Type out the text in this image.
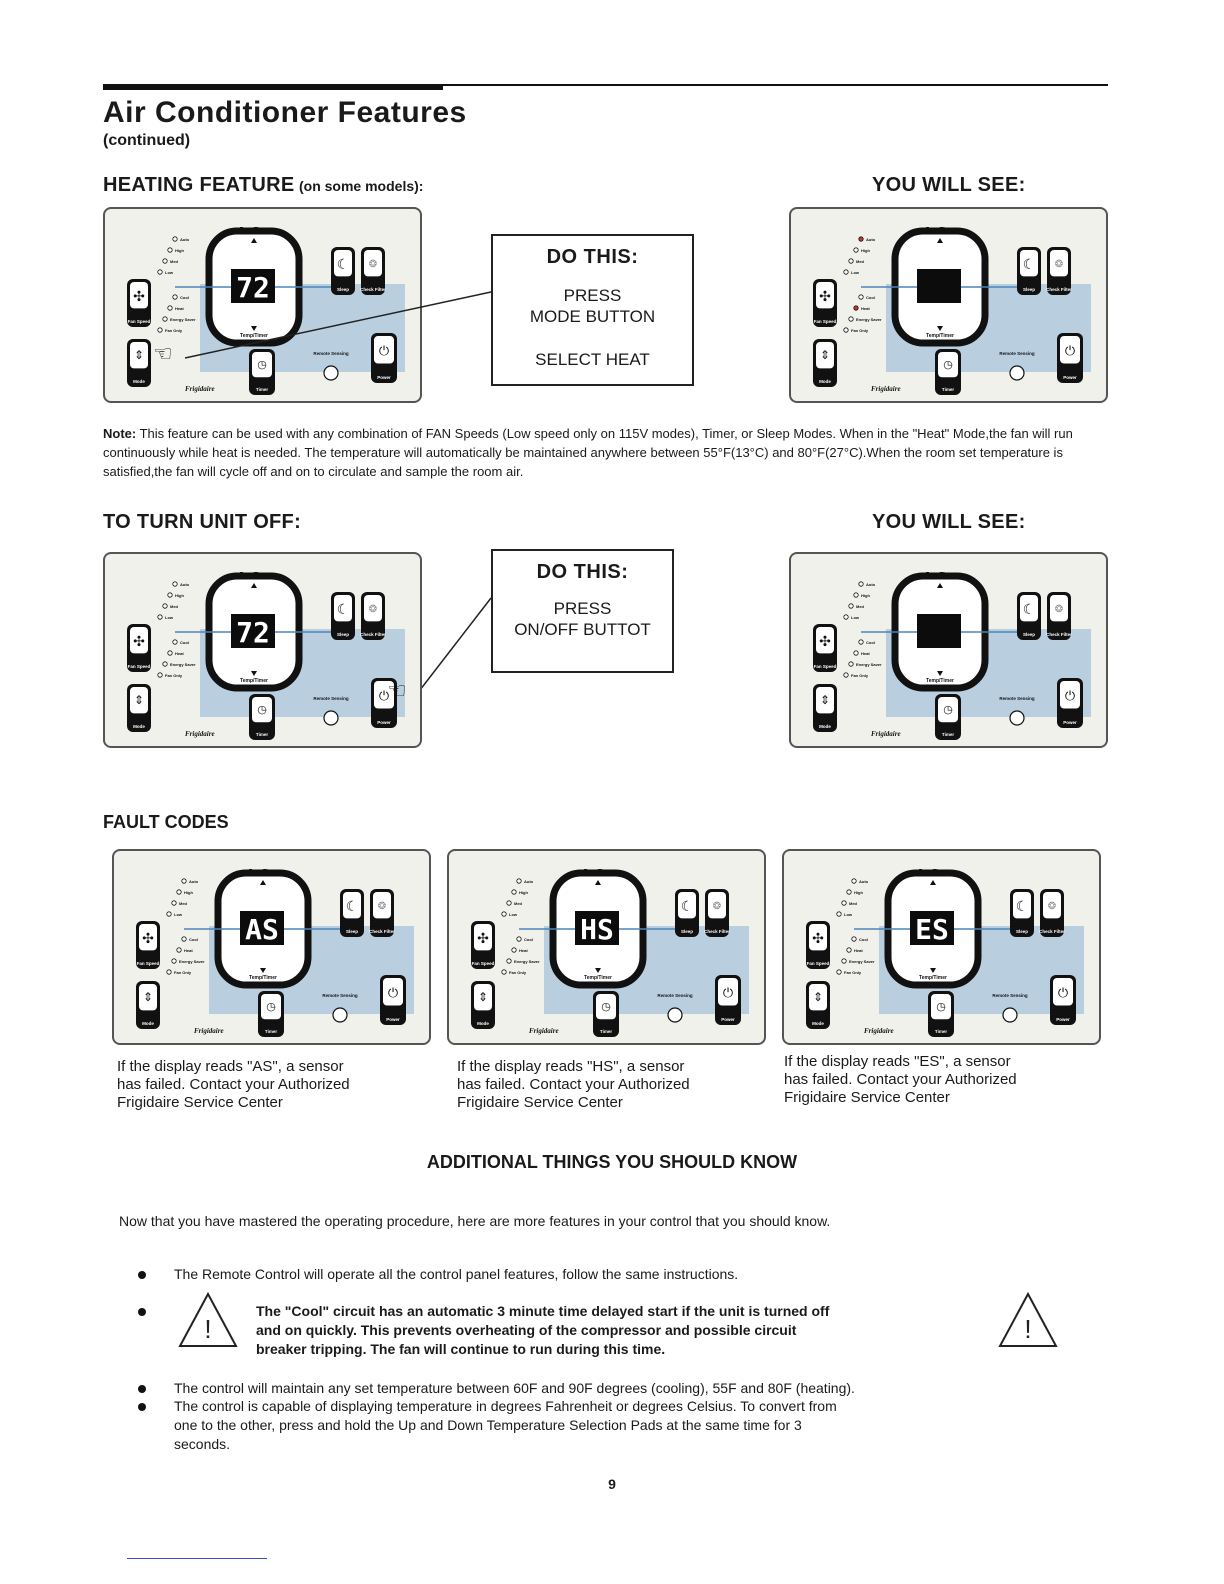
Air Conditioner Features
(continued)
HEATING FEATURE (on some models):	YOU WILL SEE:
Temp/Timer
Temp/Timer
72
Auto
High
Med
Low
Cool
Heat
Energy Saver
Fan Only
Fan Speed
✣
Mode
⇕
Sleep
☾
Check Filter
❂
Timer
◷
Power
⏻
Remote Sensing
Frigidaire
☜
Temp/Timer
Temp/Timer
Auto
High
Med
Low
Cool
Heat
Energy Saver
Fan Only
Fan Speed
✣
Mode
⇕
Sleep
☾
Check Filter
❂
Timer
◷
Power
⏻
Remote Sensing
Frigidaire
DO THIS:
PRESS
MODE BUTTON
SELECT HEAT
Note: This feature can be used with any combination of FAN Speeds (Low speed only on 115V modes), Timer, or Sleep Modes. When in the "Heat" Mode,the fan will run continuously while heat is needed. The temperature will automatically be maintained anywhere between 55°F(13°C) and 80°F(27°C).When the room set temperature is satisfied,the fan will cycle off and on to circulate and sample the room air.
TO TURN UNIT OFF:	YOU WILL SEE:
Temp/Timer
Temp/Timer
72
Auto
High
Med
Low
Cool
Heat
Energy Saver
Fan Only
Fan Speed
✣
Mode
⇕
Sleep
☾
Check Filter
❂
Timer
◷
Power
⏻
Remote Sensing
Frigidaire
☜
Temp/Timer
Temp/Timer
Auto
High
Med
Low
Cool
Heat
Energy Saver
Fan Only
Fan Speed
✣
Mode
⇕
Sleep
☾
Check Filter
❂
Timer
◷
Power
⏻
Remote Sensing
Frigidaire
DO THIS:
PRESS
ON/OFF BUTTOT
FAULT CODES
Temp/Timer
Temp/Timer
AS
Auto
High
Med
Low
Cool
Heat
Energy Saver
Fan Only
Fan Speed
✣
Mode
⇕
Sleep
☾
Check Filter
❂
Timer
◷
Power
⏻
Remote Sensing
Frigidaire
Temp/Timer
Temp/Timer
HS
Auto
High
Med
Low
Cool
Heat
Energy Saver
Fan Only
Fan Speed
✣
Mode
⇕
Sleep
☾
Check Filter
❂
Timer
◷
Power
⏻
Remote Sensing
Frigidaire
Temp/Timer
Temp/Timer
ES
Auto
High
Med
Low
Cool
Heat
Energy Saver
Fan Only
Fan Speed
✣
Mode
⇕
Sleep
☾
Check Filter
❂
Timer
◷
Power
⏻
Remote Sensing
Frigidaire
If the display reads "AS", a sensor
has failed. Contact your Authorized
Frigidaire Service Center
If the display reads "HS", a sensor
has failed. Contact your Authorized
Frigidaire Service Center
If the display reads "ES", a sensor
has failed. Contact your Authorized
Frigidaire Service Center
ADDITIONAL THINGS YOU SHOULD KNOW
Now that you have mastered the operating procedure, here are more features in your control that you should know.
The Remote Control will operate all the control panel features, follow the same instructions.
!	!
The "Cool" circuit has an automatic 3 minute time delayed start if the unit is turned off
and on quickly. This prevents overheating of the compressor and possible circuit
breaker tripping. The fan will continue to run during this time.
The control will maintain any set temperature between 60F and 90F degrees (cooling), 55F and 80F (heating).
The control is capable of displaying temperature in degrees Fahrenheit or degrees Celsius. To convert from
one to the other, press and hold the Up and Down Temperature Selection Pads at the same time for 3
seconds.
9
